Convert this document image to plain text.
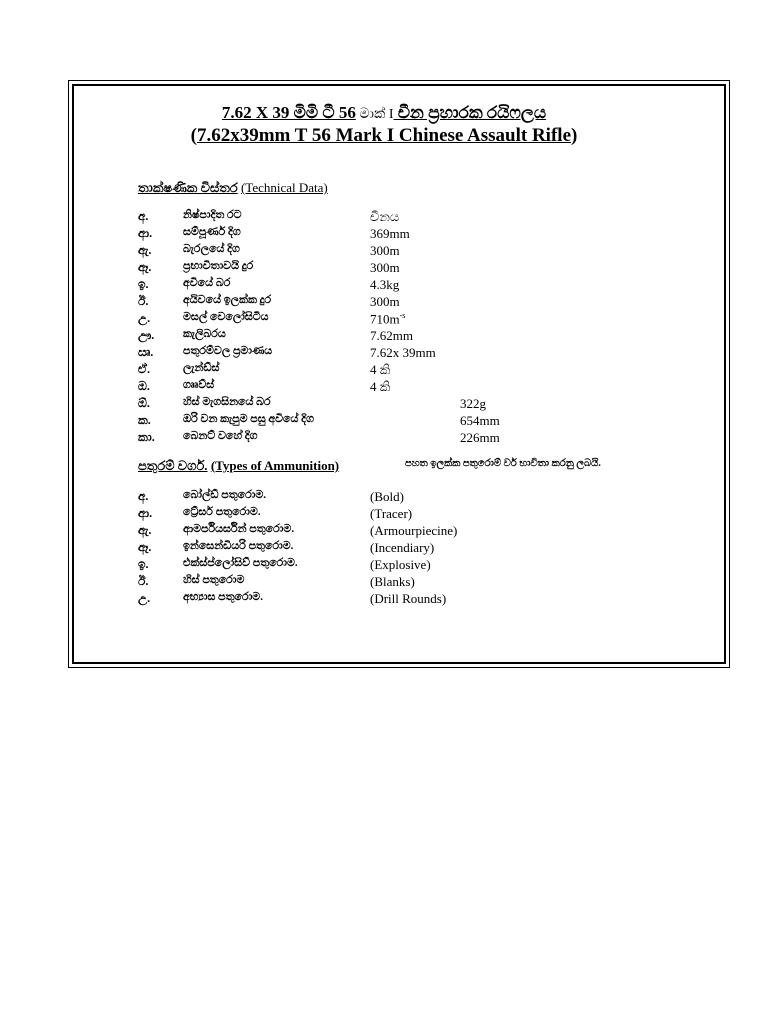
7.62 X 39 මිමි ටී 56 මාක් I චීන ප්‍රහාරක රයිෆලය
(7.62x39mm T 56 Mark I Chinese Assault Rifle)
තාක්ෂණික විස්තර (Technical Data)
අ.	නිෂ්පාදිත රට	චීනය
ආ.	සම්පූර්ණ දිග	369mm
ඇ.	බැරලයේ දිග	300m
ඈ.	ප්‍රභාවිතාවයි දුර	300m
ඉ.	අවියේ බර	4.3kg
ඊ.	අයිවයේ ඉලක්ක දුර	300m
උ.	මසල් වෙලෝසිටිය	$710m^{-s}$
ඌ.	කැලිබරය	7.62mm
ඍ.	පතුරම්වල ප්‍රමාණය	7.62x 39mm
ඒ.	ලැන්ඩ්ස්	4 කි
ඔ.	ගෲව්ස්	4 කි
ඕ.	හිස් මැගසිනයේ බර	322g
ක.	ඔරි වන කැපුම පසු අවියේ දිග	654mm
කා.	බෙනට් වහේ දිග	226mm
පතුරම් වර්ග. (Types of Ammunition)	පහත ඉලක්ක පතුරොම් වර් භාවිතා කරනු ලබයි.
අ.	බෝල්ඩ් පතුරොම.	(Bold)
ආ.	ට්‍රේසර් පතුරොම.	(Tracer)
ඇ.	ආමර්පියර්සින් පතුරොම.	(Armourpiecine)
ඈ.	ඉන්සෙන්ඩියරි පතුරොම.	(Incendiary)
ඉ.	එක්ස්ප්ලෝසිව් පතුරොම.	(Explosive)
ඊ.	හිස් පතුරොම	(Blanks)
උ.	අභ්‍යාස පතුරොම.	(Drill Rounds)
